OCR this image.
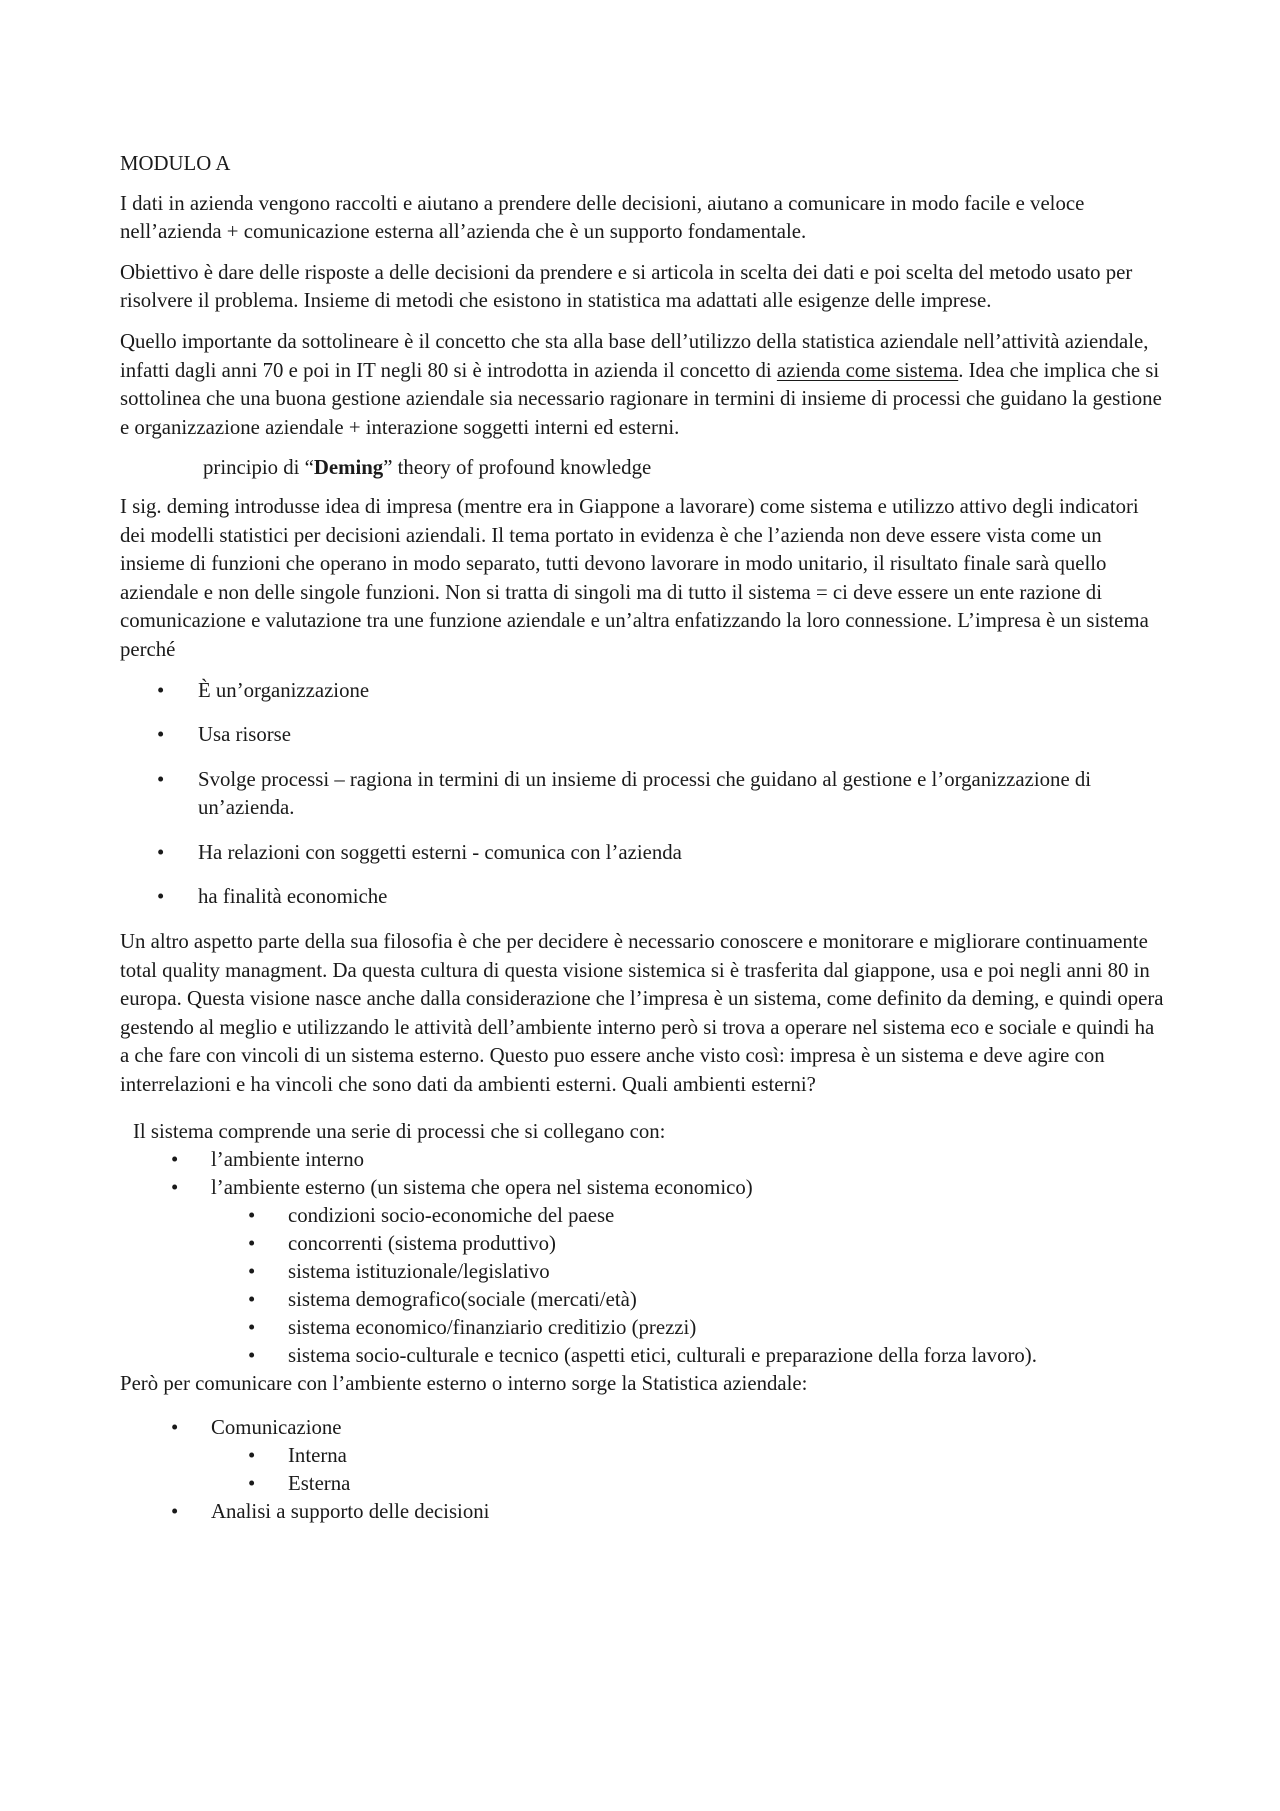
MODULO A

I dati in azienda vengono raccolti e aiutano a prendere delle decisioni, aiutano a comunicare in modo facile e veloce nell’azienda + comunicazione esterna all’azienda che è un supporto fondamentale.

Obiettivo è dare delle risposte a delle decisioni da prendere e si articola in scelta dei dati e poi scelta del metodo usato per risolvere il problema. Insieme di metodi che esistono in statistica ma adattati alle esigenze delle imprese.

Quello importante da sottolineare è il concetto che sta alla base dell’utilizzo della statistica aziendale nell’attività aziendale, infatti dagli anni 70 e poi in IT negli 80 si è introdotta in azienda il concetto di azienda come sistema. Idea che implica che si sottolinea che una buona gestione aziendale sia necessario ragionare in termini di insieme di processi che guidano la gestione e organizzazione aziendale + interazione soggetti interni ed esterni.

principio di “Deming” theory of profound knowledge

I sig. deming introdusse idea di impresa (mentre era in Giappone a lavorare) come sistema e utilizzo attivo degli indicatori dei modelli statistici per decisioni aziendali. Il tema portato in evidenza è che l’azienda non deve essere vista come un insieme di funzioni che operano in modo separato, tutti devono lavorare in modo unitario, il risultato finale sarà quello aziendale e non delle singole funzioni. Non si tratta di singoli ma di tutto il sistema = ci deve essere un ente razione di comunicazione e valutazione tra une funzione aziendale e un’altra enfatizzando la loro connessione. L’impresa è un sistema perché

• È un’organizzazione
• Usa risorse
• Svolge processi – ragiona in termini di un insieme di processi che guidano al gestione e l’organizzazione di un’azienda.
• Ha relazioni con soggetti esterni - comunica con l’azienda
• ha finalità economiche

Un altro aspetto parte della sua filosofia è che per decidere è necessario conoscere e monitorare e migliorare continuamente total quality managment. Da questa cultura di questa visione sistemica si è trasferita dal giappone, usa e poi negli anni 80 in europa. Questa visione nasce anche dalla considerazione che l’impresa è un sistema, come definito da deming, e quindi opera gestendo al meglio e utilizzando le attività dell’ambiente interno però si trova a operare nel sistema eco e sociale e quindi ha a che fare con vincoli di un sistema esterno. Questo puo essere anche visto così: impresa è un sistema e deve agire con interrelazioni e ha vincoli che sono dati da ambienti esterni. Quali ambienti esterni?

Il sistema comprende una serie di processi che si collegano con:
• l’ambiente interno
• l’ambiente esterno (un sistema che opera nel sistema economico)
• condizioni socio-economiche del paese
• concorrenti (sistema produttivo)
• sistema istituzionale/legislativo
• sistema demografico(sociale (mercati/età)
• sistema economico/finanziario creditizio (prezzi)
• sistema socio-culturale e tecnico (aspetti etici, culturali e preparazione della forza lavoro).
Però per comunicare con l’ambiente esterno o interno sorge la Statistica aziendale:
• Comunicazione
• Interna
• Esterna
• Analisi a supporto delle decisioni
